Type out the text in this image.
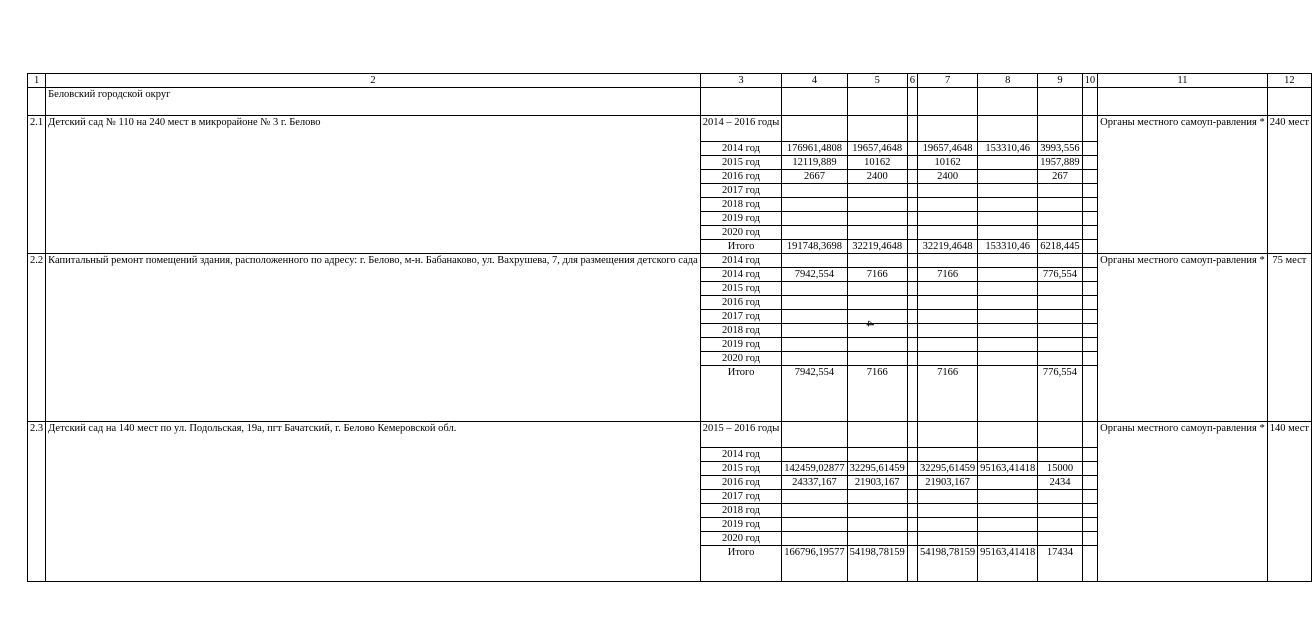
1	2	3	4	5	6	7	8	9	10	11	12
	Беловский городской округ										
2.1	Детский сад № 110 на 240 мест в микрорайоне № 3 г. Белово	2014 – 2016 годы								Органы местного самоуп-равления *	240 мест
		2014 год	176961,4808	19657,4648		19657,4648	153310,46	3993,556			
		2015 год	12119,889	10162		10162		1957,889			
		2016 год	2667	2400		2400		267			
		2017 год									
		2018 год									
		2019 год									
		2020 год									
		Итого	191748,3698	32219,4648		32219,4648	153310,46	6218,445			
2.2	Капитальный ремонт помещений здания, расположенного по адресу: г. Белово, м-н. Бабанаково, ул. Вахрушева, 7, для размещения детского сада	2014 год								Органы местного самоуп-равления *	75 мест
		2014 год	7942,554	7166		7166		776,554			
		2015 год									
		2016 год									
		2017 год									
		2018 год									
		2019 год									
		2020 год									
		Итого	7942,554	7166		7166		776,554			
2.3	Детский сад на 140 мест по ул. Подольская, 19а, пгт Бачатский, г. Белово Кемеровской обл.	2015 – 2016 годы								Органы местного самоуп-равления *	140 мест
		2014 год									
		2015 год	142459,02877	32295,61459		32295,61459	95163,41418	15000			
		2016 год	24337,167	21903,167		21903,167		2434			
		2017 год									
		2018 год									
		2019 год									
		2020 год									
		Итого	166796,19577	54198,78159		54198,78159	95163,41418	17434			
4
